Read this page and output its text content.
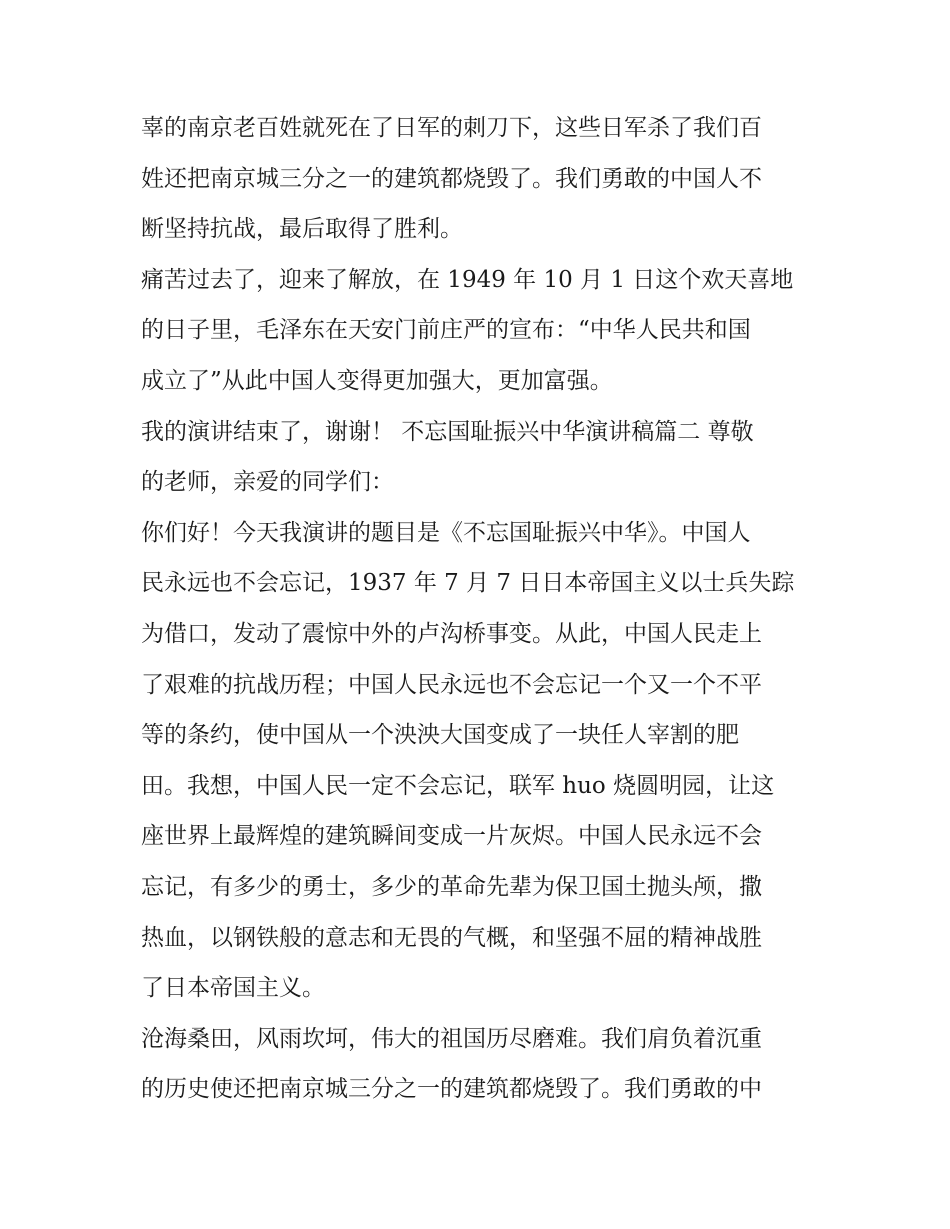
辜的南京老百姓就死在了日军的刺刀下，这些日军杀了我们百
姓还把南京城三分之一的建筑都烧毁了。我们勇敢的中国人不
断坚持抗战，最后取得了胜利。
痛苦过去了，迎来了解放，在 1949 年 10 月 1 日这个欢天喜地
的日子里，毛泽东在天安门前庄严的宣布：“中华人民共和国
成立了”从此中国人变得更加强大，更加富强。
我的演讲结束了，谢谢！ 不忘国耻振兴中华演讲稿篇二 尊敬
的老师，亲爱的同学们：
你们好！今天我演讲的题目是《不忘国耻振兴中华》。中国人
民永远也不会忘记，1937 年 7 月 7 日日本帝国主义以士兵失踪
为借口，发动了震惊中外的卢沟桥事变。从此，中国人民走上
了艰难的抗战历程；中国人民永远也不会忘记一个又一个不平
等的条约，使中国从一个泱泱大国变成了一块任人宰割的肥
田。我想，中国人民一定不会忘记，联军 huo 烧圆明园，让这
座世界上最辉煌的建筑瞬间变成一片灰烬。中国人民永远不会
忘记，有多少的勇士，多少的革命先辈为保卫国土抛头颅，撒
热血，以钢铁般的意志和无畏的气概，和坚强不屈的精神战胜
了日本帝国主义。
沧海桑田，风雨坎坷，伟大的祖国历尽磨难。我们肩负着沉重
的历史使还把南京城三分之一的建筑都烧毁了。我们勇敢的中
